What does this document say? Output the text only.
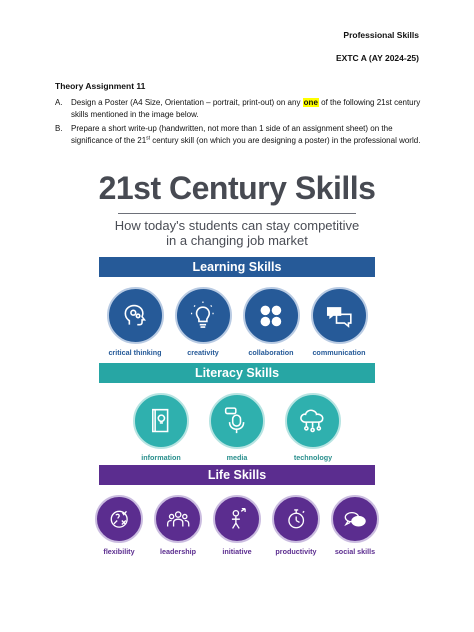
Professional Skills
EXTC A (AY 2024-25)
Theory Assignment 11
A. Design a Poster (A4 Size, Orientation – portrait, print-out) on any one of the following 21st century skills mentioned in the image below.
B. Prepare a short write-up (handwritten, not more than 1 side of an assignment sheet) on the significance of the 21st century skill (on which you are designing a poster) in the professional world.
21st Century Skills
How today's students can stay competitive
in a changing job market
Learning Skills
critical thinking	creativity	collaboration	communication
Literacy Skills
information	media	technology
Life Skills
flexibility	leadership	initiative	productivity	social skills
